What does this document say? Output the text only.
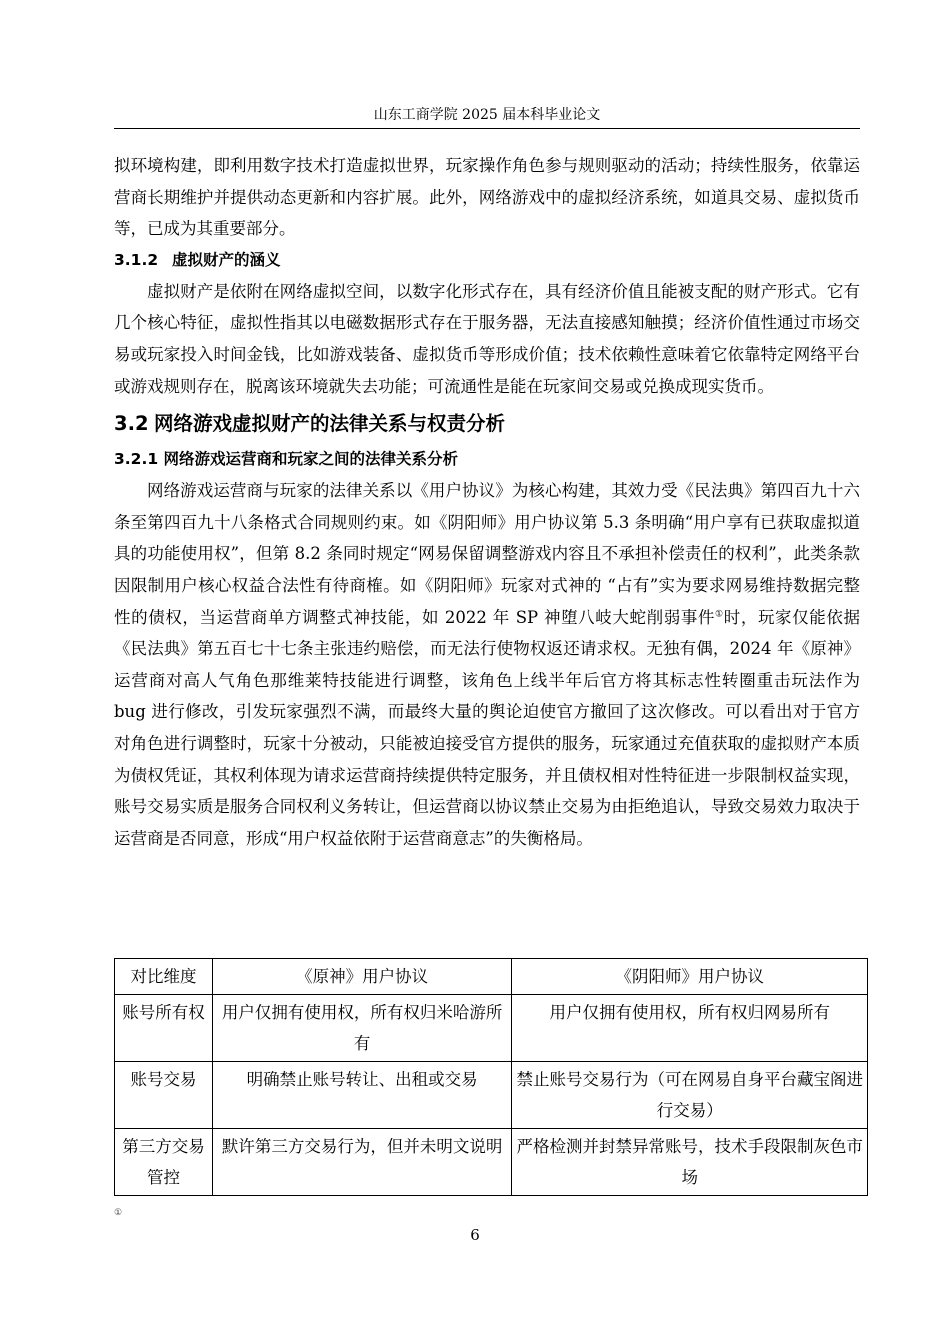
山东工商学院 2025 届本科毕业论文

拟环境构建，即利用数字技术打造虚拟世界，玩家操作角色参与规则驱动的活动；持续性服务，依靠运营商长期维护并提供动态更新和内容扩展。此外，网络游戏中的虚拟经济系统，如道具交易、虚拟货币等，已成为其重要部分。

3.1.2 虚拟财产的涵义

虚拟财产是依附在网络虚拟空间，以数字化形式存在，具有经济价值且能被支配的财产形式。它有几个核心特征，虚拟性指其以电磁数据形式存在于服务器，无法直接感知触摸；经济价值性通过市场交易或玩家投入时间金钱，比如游戏装备、虚拟货币等形成价值；技术依赖性意味着它依靠特定网络平台或游戏规则存在，脱离该环境就失去功能；可流通性是能在玩家间交易或兑换成现实货币。

3.2 网络游戏虚拟财产的法律关系与权责分析
3.2.1 网络游戏运营商和玩家之间的法律关系分析

网络游戏运营商与玩家的法律关系以《用户协议》为核心构建，其效力受《民法典》第四百九十六条至第四百九十八条格式合同规则约束。如《阴阳师》用户协议第 5.3 条明确“用户享有已获取虚拟道具的功能使用权”，但第 8.2 条同时规定“网易保留调整游戏内容且不承担补偿责任的权利”，此类条款因限制用户核心权益合法性有待商榷。如《阴阳师》玩家对式神的 “占有”实为要求网易维持数据完整性的债权，当运营商单方调整式神技能，如 2022 年 SP 神堕八岐大蛇削弱事件①时，玩家仅能依据《民法典》第五百七十七条主张违约赔偿，而无法行使物权返还请求权。无独有偶，2024 年《原神》运营商对高人气角色那维莱特技能进行调整，该角色上线半年后官方将其标志性转圈重击玩法作为 bug 进行修改，引发玩家强烈不满，而最终大量的舆论迫使官方撤回了这次修改。可以看出对于官方对角色进行调整时，玩家十分被动，只能被迫接受官方提供的服务，玩家通过充值获取的虚拟财产本质为债权凭证，其权利体现为请求运营商持续提供特定服务，并且债权相对性特征进一步限制权益实现，账号交易实质是服务合同权利义务转让，但运营商以协议禁止交易为由拒绝追认，导致交易效力取决于运营商是否同意，形成“用户权益依附于运营商意志”的失衡格局。

对比维度	《原神》用户协议	《阴阳师》用户协议
账号所有权	用户仅拥有使用权，所有权归米哈游所有	用户仅拥有使用权，所有权归网易所有
账号交易	明确禁止账号转让、出租或交易	禁止账号交易行为（可在网易自身平台藏宝阁进行交易）
第三方交易管控	默许第三方交易行为，但并未明文说明	严格检测并封禁异常账号，技术手段限制灰色市场
①
6
